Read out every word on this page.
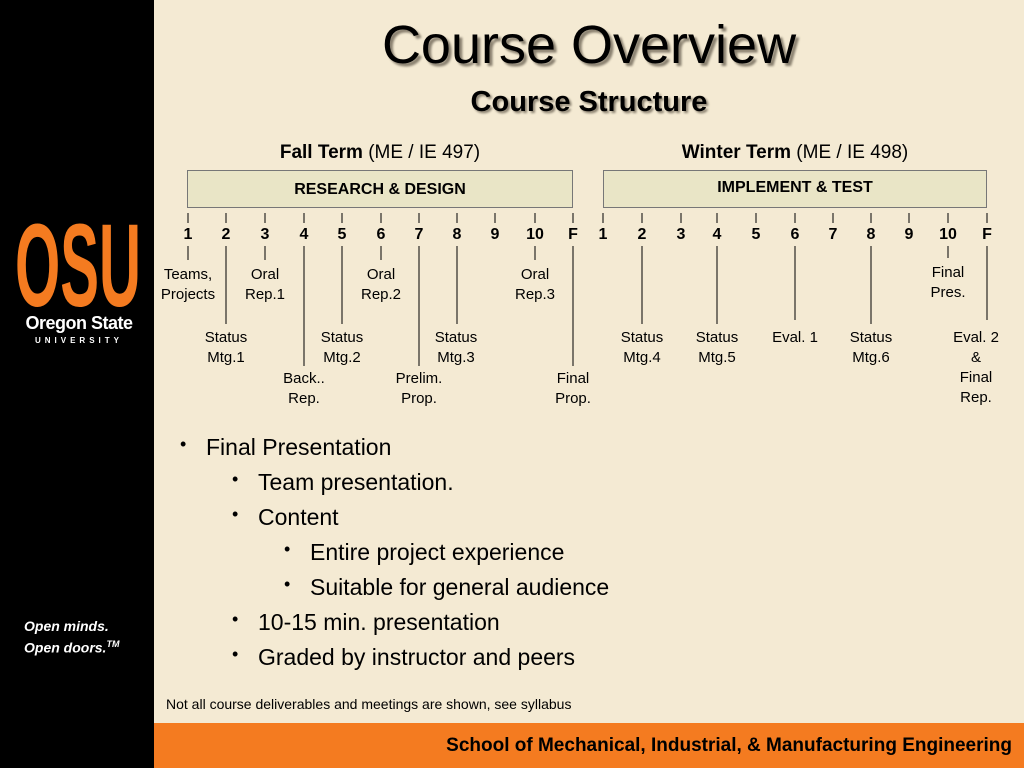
OSU
Oregon State
UNIVERSITY
Open minds.
Open doors.™
Course Overview
Course Structure
Fall Term (ME / IE 497)	Winter Term (ME / IE 498)
RESEARCH & DESIGN	IMPLEMENT & TEST
1	2	3	4	5	6	7	8	9	10	F	1	2	3	4	5	6	7	8	9	10	F
Teams,
Projects
Oral
Rep.1
Oral
Rep.2
Oral
Rep.3
Final
Pres.
Status
Mtg.1
Status
Mtg.2
Status
Mtg.3
Status
Mtg.4
Status
Mtg.5
Eval. 1	Status
Mtg.6
Eval. 2
&
Final
Rep.
Back..
Rep.
Prelim.
Prop.
Final
Prop.
• Final Presentation
• Team presentation.
• Content
• Entire project experience
• Suitable for general audience
• 10-15 min. presentation
• Graded by instructor and peers
Not all course deliverables and meetings are shown, see syllabus
School of Mechanical, Industrial, & Manufacturing Engineering
